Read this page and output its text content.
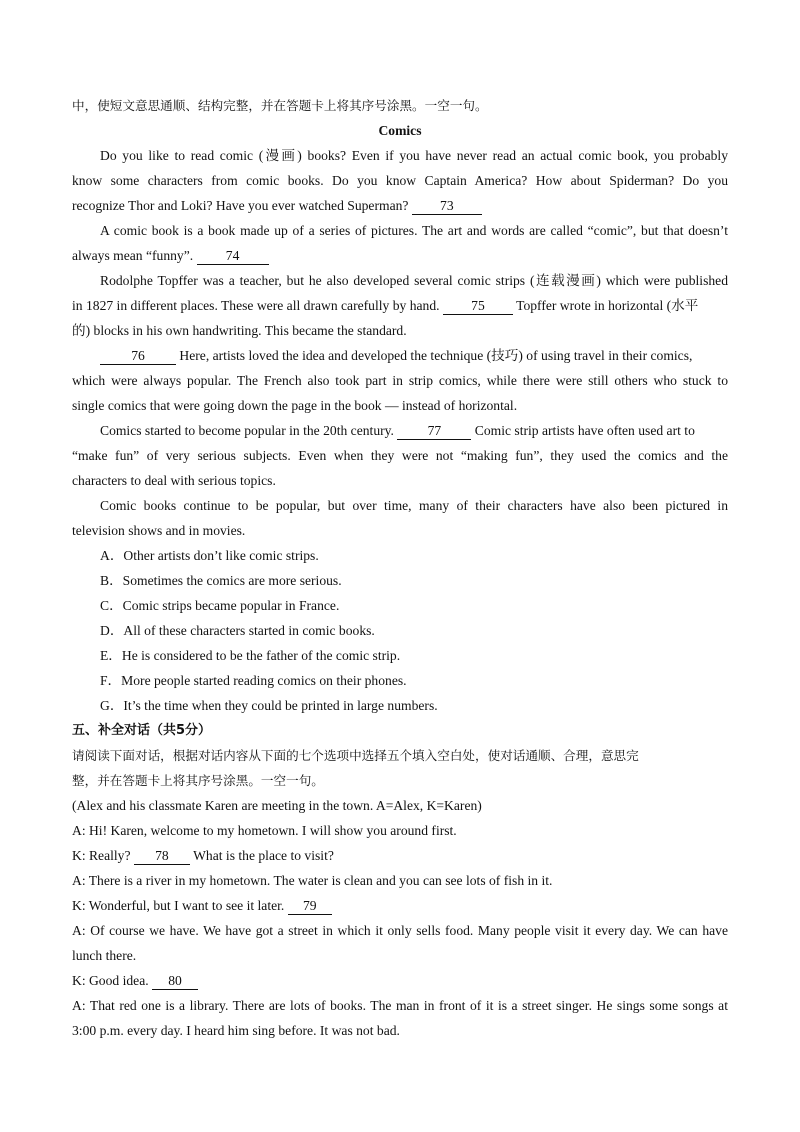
中，使短文意思通顺、结构完整，并在答题卡上将其序号涂黑。一空一句。

Comics

Do you like to read comic (漫画) books? Even if you have never read an actual comic book, you probably

know some characters from comic books. Do you know Captain America? How about Spiderman? Do you

recognize Thor and Loki? Have you ever watched Superman? 73

A comic book is a book made up of a series of pictures. The art and words are called “comic”, but that doesn’t

always mean “funny”. 74

Rodolphe Topffer was a teacher, but he also developed several comic strips (连载漫画) which were published

in 1827 in different places. These were all drawn carefully by hand. 75 Topffer wrote in horizontal (水平

的) blocks in his own handwriting. This became the standard.

76	Here, artists loved the idea and developed the technique (技巧) of using travel in their comics,

which were always popular. The French also took part in strip comics, while there were still others who stuck to

single comics that were going down the page in the book — instead of horizontal.

Comics started to become popular in the 20th century. 77 Comic strip artists have often used art to

“make fun” of very serious subjects. Even when they were not “making fun”, they used the comics and the

characters to deal with serious topics.

Comic books continue to be popular, but over time, many of their characters have also been pictured in

television shows and in movies.

A．Other artists don’t like comic strips.

B．Sometimes the comics are more serious.

C．Comic strips became popular in France.

D．All of these characters started in comic books.

E．He is considered to be the father of the comic strip.

F．More people started reading comics on their phones.

G．It’s the time when they could be printed in large numbers.

五、补全对话（共5分）

请阅读下面对话，根据对话内容从下面的七个选项中选择五个填入空白处，使对话通顺、合理，意思完

整，并在答题卡上将其序号涂黑。一空一句。

(Alex and his classmate Karen are meeting in the town. A=Alex, K=Karen)

A: Hi! Karen, welcome to my hometown. I will show you around first.

K: Really? 78 What is the place to visit?

A: There is a river in my hometown. The water is clean and you can see lots of fish in it.

K: Wonderful, but I want to see it later. 79

A: Of course we have. We have got a street in which it only sells food. Many people visit it every day. We can have

lunch there.

K: Good idea. 80

A: That red one is a library. There are lots of books. The man in front of it is a street singer. He sings some songs at

3:00 p.m. every day. I heard him sing before. It was not bad.
